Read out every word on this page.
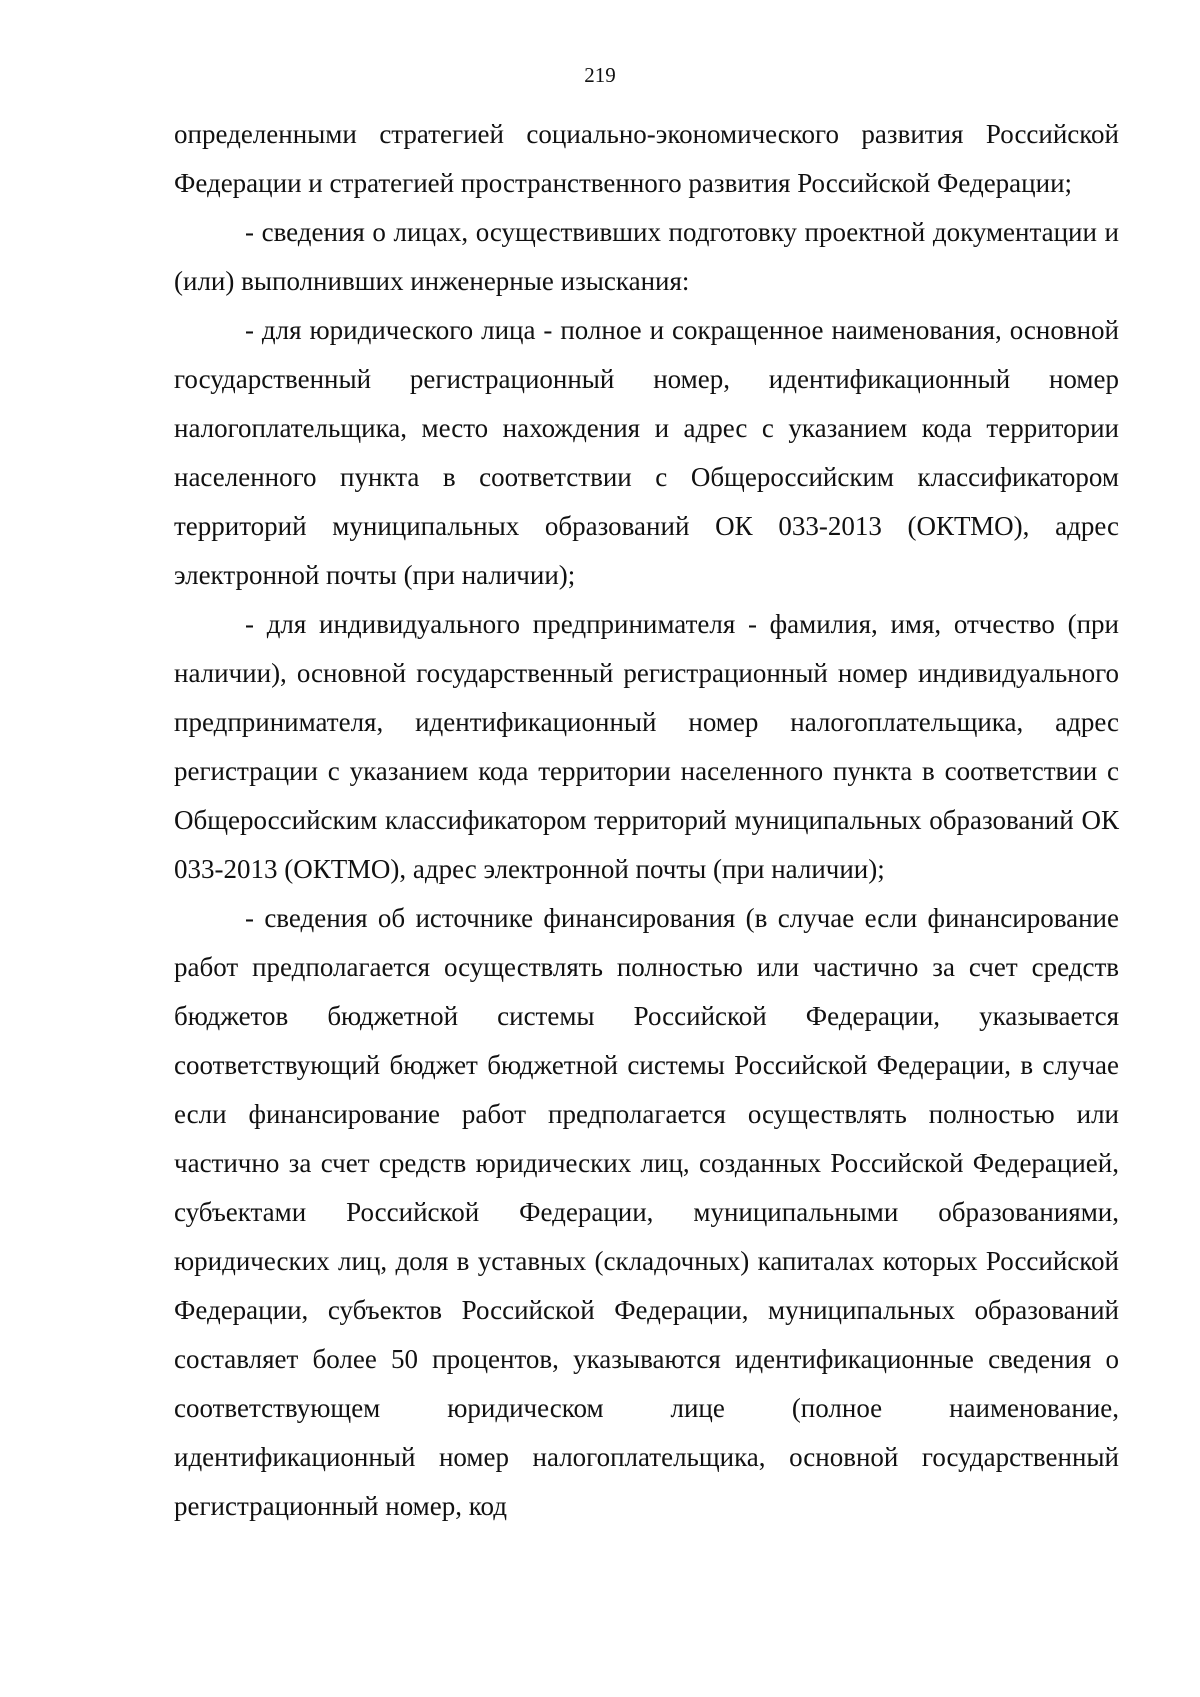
219

определенными стратегией социально-экономического развития Российской Федерации и стратегией пространственного развития Российской Федерации;

- сведения о лицах, осуществивших подготовку проектной документации и (или) выполнивших инженерные изыскания:

- для юридического лица - полное и сокращенное наименования, основной государственный регистрационный номер, идентификационный номер налогоплательщика, место нахождения и адрес с указанием кода территории населенного пункта в соответствии с Общероссийским классификатором территорий муниципальных образований ОК 033-2013 (ОКТМО), адрес электронной почты (при наличии);

- для индивидуального предпринимателя - фамилия, имя, отчество (при наличии), основной государственный регистрационный номер индивидуального предпринимателя, идентификационный номер налогоплательщика, адрес регистрации с указанием кода территории населенного пункта в соответствии с Общероссийским классификатором территорий муниципальных образований ОК 033-2013 (ОКТМО), адрес электронной почты (при наличии);

- сведения об источнике финансирования (в случае если финансирование работ предполагается осуществлять полностью или частично за счет средств бюджетов бюджетной системы Российской Федерации, указывается соответствующий бюджет бюджетной системы Российской Федерации, в случае если финансирование работ предполагается осуществлять полностью или частично за счет средств юридических лиц, созданных Российской Федерацией, субъектами Российской Федерации, муниципальными образованиями, юридических лиц, доля в уставных (складочных) капиталах которых Российской Федерации, субъектов Российской Федерации, муниципальных образований составляет более 50 процентов, указываются идентификационные сведения о соответствующем юридическом лице (полное наименование, идентификационный номер налогоплательщика, основной государственный регистрационный номер, код
